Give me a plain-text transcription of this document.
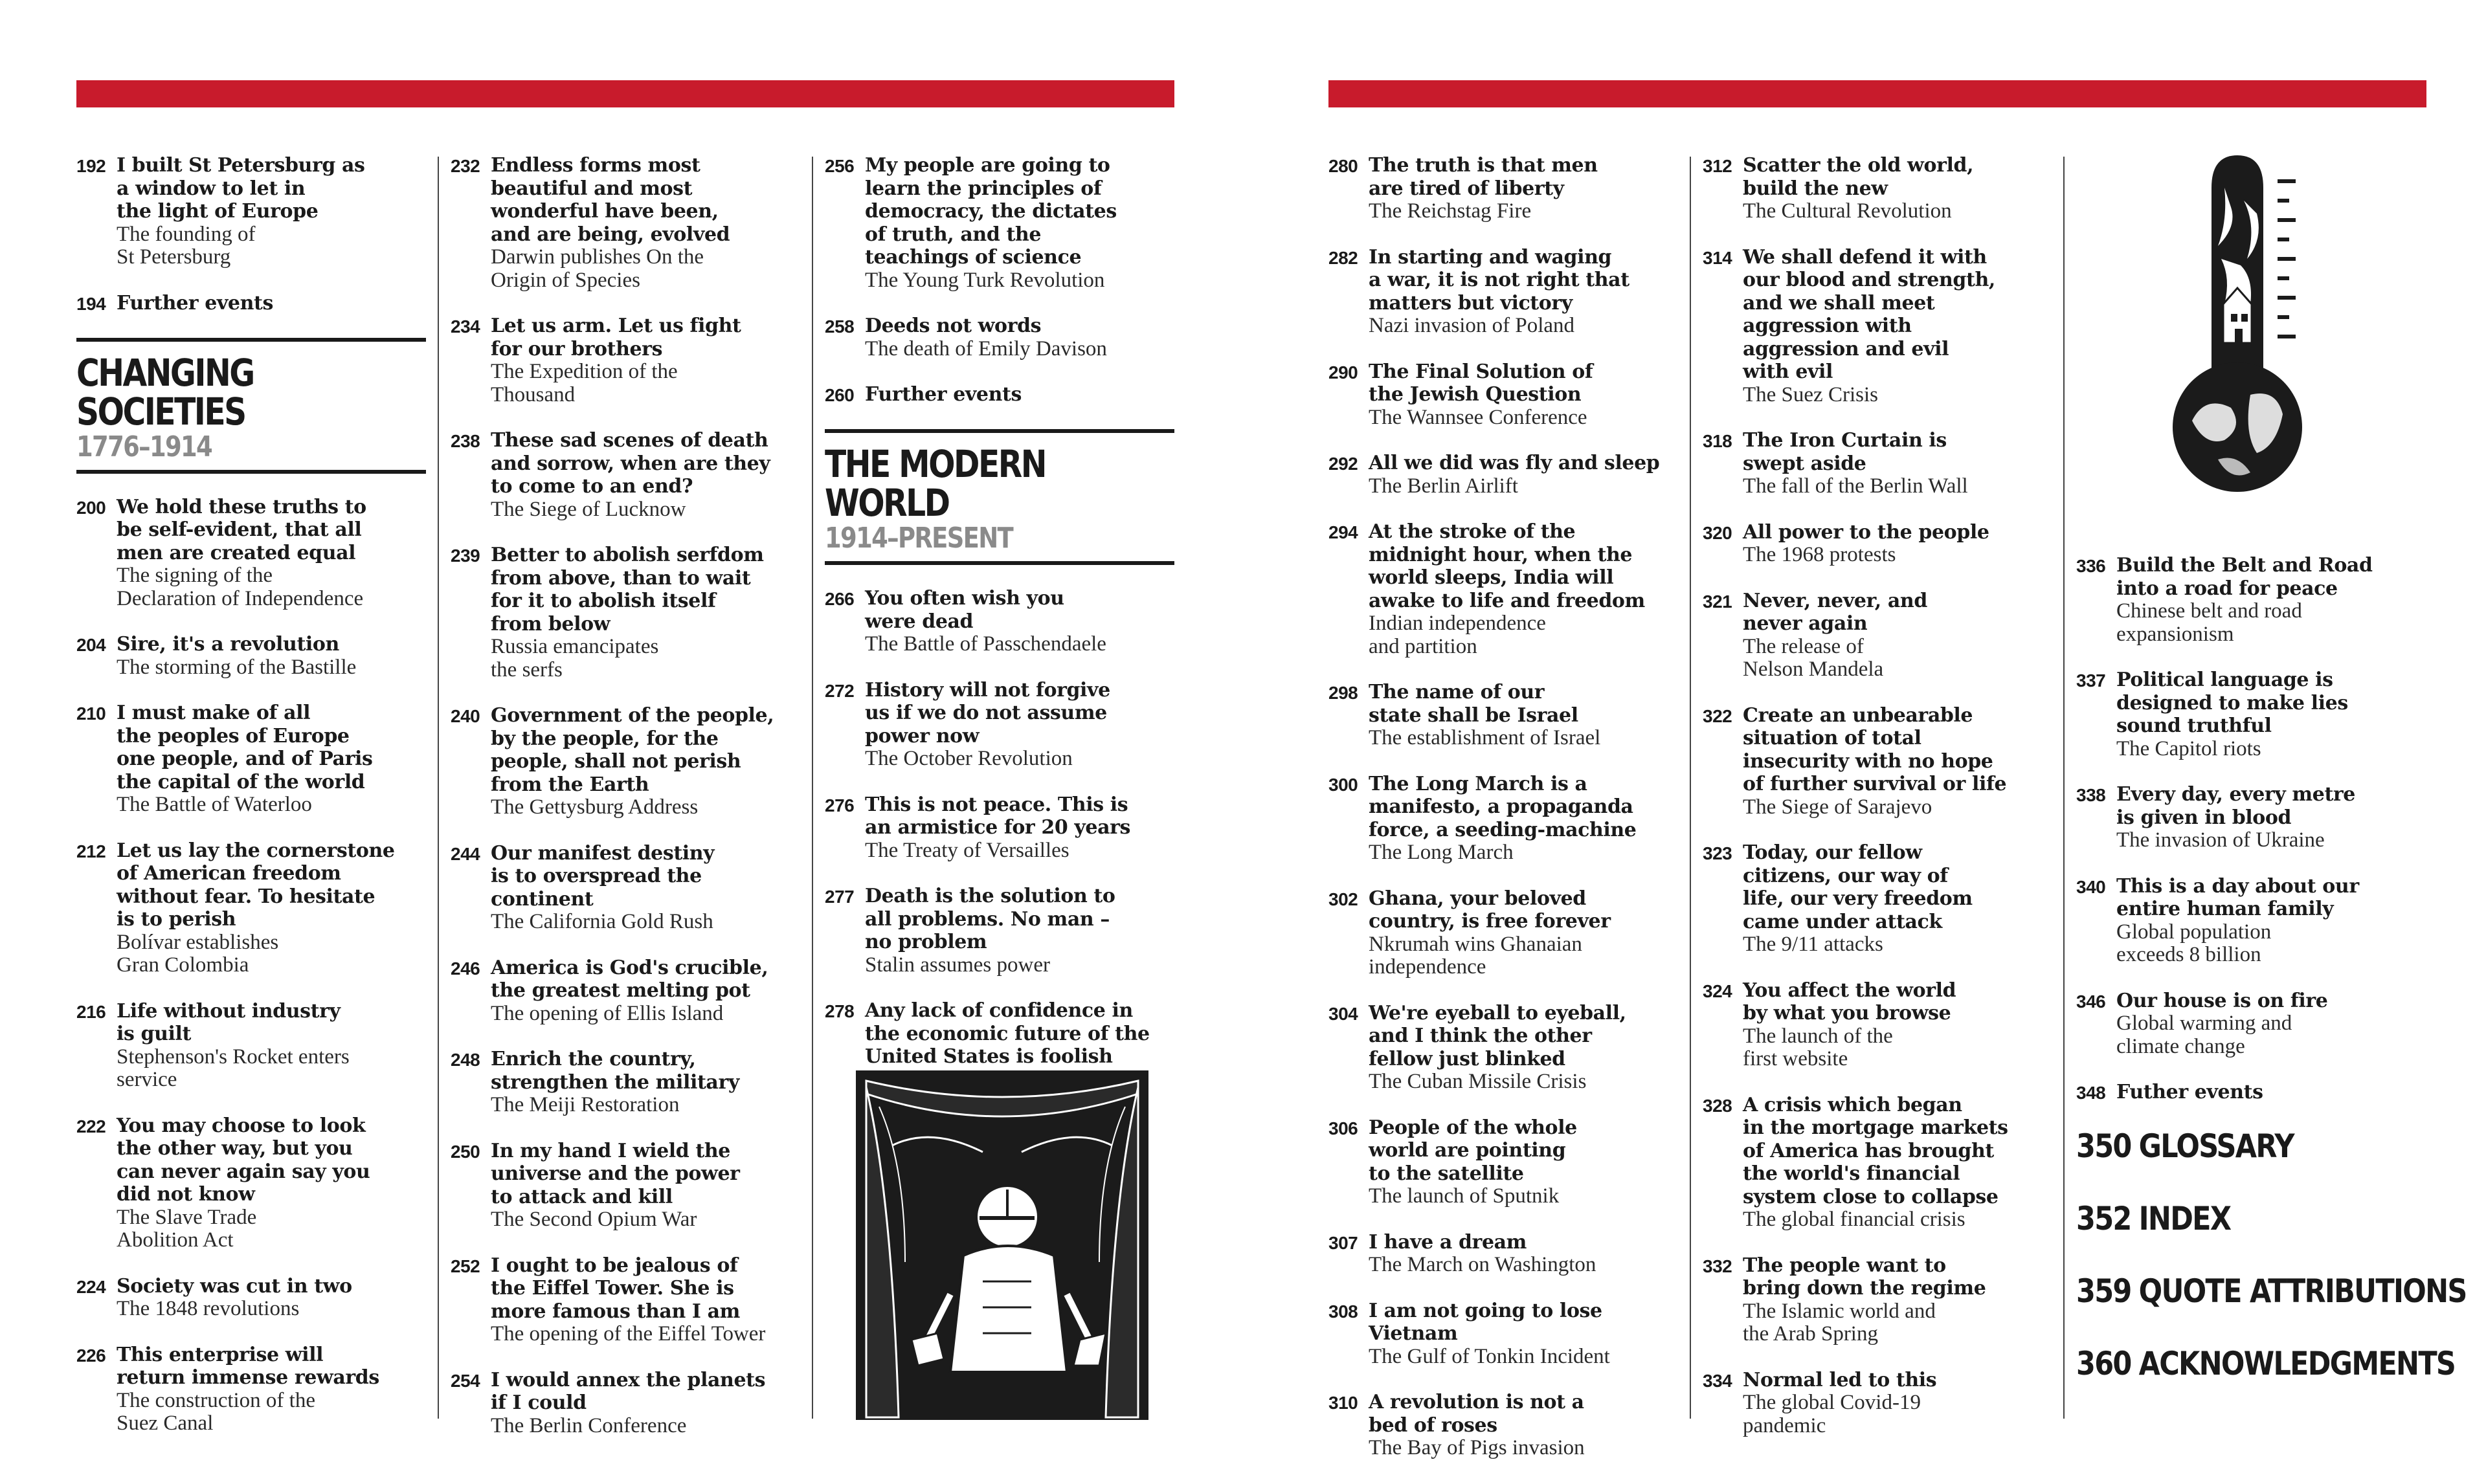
192 I built St Petersburg as
a window to let in
the light of Europe
The founding of
St Petersburg
194 Further events
CHANGING
SOCIETIES
1776–1914
200 We hold these truths to
be self-evident, that all
men are created equal
The signing of the
Declaration of Independence
204 Sire, it's a revolution
The storming of the Bastille
210 I must make of all
the peoples of Europe
one people, and of Paris
the capital of the world
The Battle of Waterloo
212 Let us lay the cornerstone
of American freedom
without fear. To hesitate
is to perish
Bolívar establishes
Gran Colombia
216 Life without industry
is guilt
Stephenson's Rocket enters
service
222 You may choose to look
the other way, but you
can never again say you
did not know
The Slave Trade
Abolition Act
224 Society was cut in two
The 1848 revolutions
226 This enterprise will
return immense rewards
The construction of the
Suez Canal
232 Endless forms most
beautiful and most
wonderful have been,
and are being, evolved
Darwin publishes On the
Origin of Species
234 Let us arm. Let us fight
for our brothers
The Expedition of the
Thousand
238 These sad scenes of death
and sorrow, when are they
to come to an end?
The Siege of Lucknow
239 Better to abolish serfdom
from above, than to wait
for it to abolish itself
from below
Russia emancipates
the serfs
240 Government of the people,
by the people, for the
people, shall not perish
from the Earth
The Gettysburg Address
244 Our manifest destiny
is to overspread the
continent
The California Gold Rush
246 America is God's crucible,
the greatest melting pot
The opening of Ellis Island
248 Enrich the country,
strengthen the military
The Meiji Restoration
250 In my hand I wield the
universe and the power
to attack and kill
The Second Opium War
252 I ought to be jealous of
the Eiffel Tower. She is
more famous than I am
The opening of the Eiffel Tower
254 I would annex the planets
if I could
The Berlin Conference
256 My people are going to
learn the principles of
democracy, the dictates
of truth, and the
teachings of science
The Young Turk Revolution
258 Deeds not words
The death of Emily Davison
260 Further events
THE MODERN WORLD
1914–PRESENT
266 You often wish you
were dead
The Battle of Passchendaele
272 History will not forgive
us if we do not assume
power now
The October Revolution
276 This is not peace. This is
an armistice for 20 years
The Treaty of Versailles
277 Death is the solution to
all problems. No man –
no problem
Stalin assumes power
278 Any lack of confidence in
the economic future of the
United States is foolish
280 The truth is that men
are tired of liberty
The Reichstag Fire
282 In starting and waging
a war, it is not right that
matters but victory
Nazi invasion of Poland
290 The Final Solution of
the Jewish Question
The Wannsee Conference
292 All we did was fly and sleep
The Berlin Airlift
294 At the stroke of the
midnight hour, when the
world sleeps, India will
awake to life and freedom
Indian independence
and partition
298 The name of our
state shall be Israel
The establishment of Israel
300 The Long March is a
manifesto, a propaganda
force, a seeding-machine
The Long March
302 Ghana, your beloved
country, is free forever
Nkrumah wins Ghanaian
independence
304 We're eyeball to eyeball,
and I think the other
fellow just blinked
The Cuban Missile Crisis
306 People of the whole
world are pointing
to the satellite
The launch of Sputnik
307 I have a dream
The March on Washington
308 I am not going to lose
Vietnam
The Gulf of Tonkin Incident
310 A revolution is not a
bed of roses
The Bay of Pigs invasion
312 Scatter the old world,
build the new
The Cultural Revolution
314 We shall defend it with
our blood and strength,
and we shall meet
aggression with
aggression and evil
with evil
The Suez Crisis
318 The Iron Curtain is
swept aside
The fall of the Berlin Wall
320 All power to the people
The 1968 protests
321 Never, never, and
never again
The release of
Nelson Mandela
322 Create an unbearable
situation of total
insecurity with no hope
of further survival or life
The Siege of Sarajevo
323 Today, our fellow
citizens, our way of
life, our very freedom
came under attack
The 9/11 attacks
324 You affect the world
by what you browse
The launch of the
first website
328 A crisis which began
in the mortgage markets
of America has brought
the world's financial
system close to collapse
The global financial crisis
332 The people want to
bring down the regime
The Islamic world and
the Arab Spring
334 Normal led to this
The global Covid-19
pandemic
336 Build the Belt and Road
into a road for peace
Chinese belt and road
expansionism
337 Political language is
designed to make lies
sound truthful
The Capitol riots
338 Every day, every metre
is given in blood
The invasion of Ukraine
340 This is a day about our
entire human family
Global population
exceeds 8 billion
346 Our house is on fire
Global warming and
climate change
348 Futher events
350 GLOSSARY
352 INDEX
359 QUOTE ATTRIBUTIONS
360 ACKNOWLEDGMENTS
